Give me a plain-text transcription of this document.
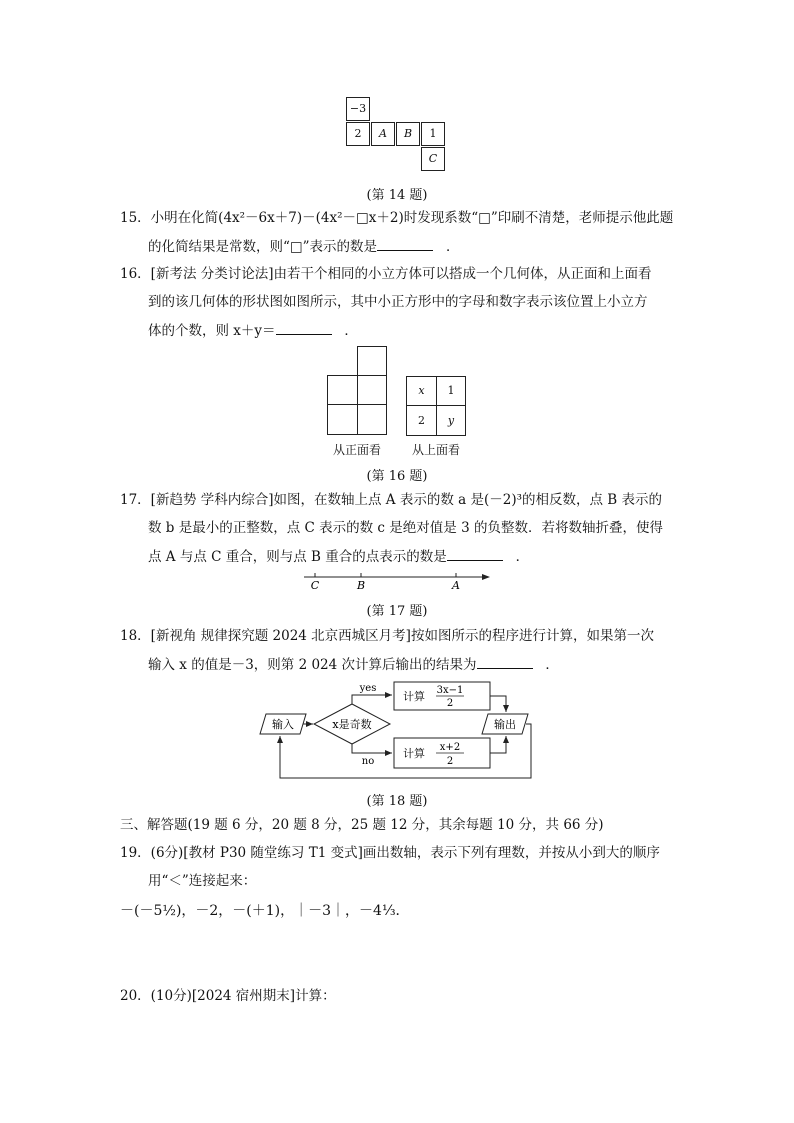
−3
2	A	B	1
C
(第 14 题)
15．小明在化简(4x²－6x＋7)－(4x²－□x＋2)时发现系数“□”印刷不清楚，老师提示他此题
的化简结果是常数，则“□”表示的数是	．
16．[新考法 分类讨论法]由若干个相同的小立方体可以搭成一个几何体，从正面和上面看
到的该几何体的形状图如图所示，其中小正方形中的字母和数字表示该位置上小立方
体的个数，则 x＋y＝	．
x	1
2	y
从正面看	从上面看
(第 16 题)
17．[新趋势 学科内综合]如图，在数轴上点 A 表示的数 a 是(－2)³的相反数，点 B 表示的
数 b 是最小的正整数，点 C 表示的数 c 是绝对值是 3 的负整数．若将数轴折叠，使得
点 A 与点 C 重合，则与点 B 重合的点表示的数是	．
C	B	A
(第 17 题)
18．[新视角 规律探究题 2024 北京西城区月考]按如图所示的程序进行计算，如果第一次
输入 x 的值是－3，则第 2 024 次计算后输出的结果为	．
输入	x是奇数
yes
no
计算 3x−1
2
计算 x+2
2
输出
(第 18 题)
三、解答题(19 题 6 分，20 题 8 分，25 题 12 分，其余每题 10 分，共 66 分)
19．(6分)[教材 P30 随堂练习 T1 变式]画出数轴，表示下列有理数，并按从小到大的顺序
用“＜”连接起来：
－(－5½)，－2，－(＋1)，｜－3｜，－4⅓．
20．(10分)[2024 宿州期末]计算：
